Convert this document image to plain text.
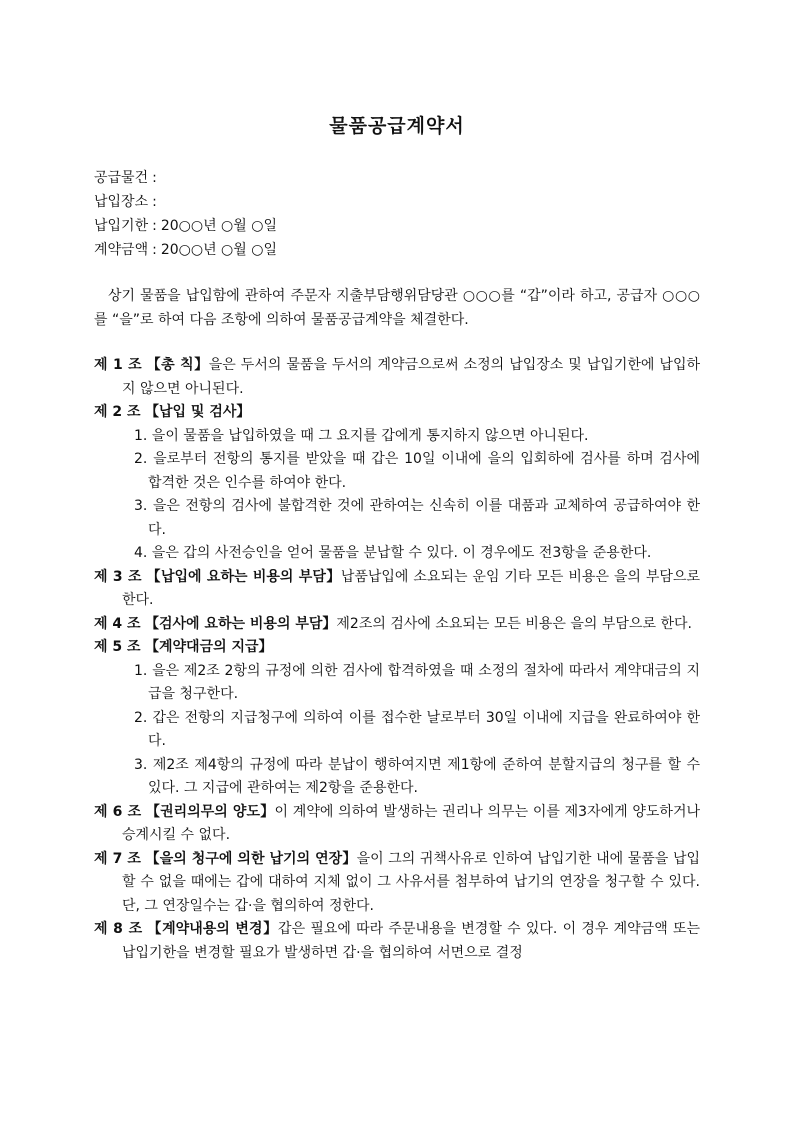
물품공급계약서
공급물건 :
납입장소 :
납입기한 : 20○○년 ○월 ○일
계약금액 : 20○○년 ○월 ○일
상기 물품을 납입함에 관하여 주문자 지출부담행위담당관 ○○○를 “갑”이라 하고, 공급자 ○○○를 “을”로 하여 다음 조항에 의하여 물품공급계약을 체결한다.
제 1 조 【총 칙】을은 두서의 물품을 두서의 계약금으로써 소정의 납입장소 및 납입기한에 납입하지 않으면 아니된다.
제 2 조 【납입 및 검사】
1. 을이 물품을 납입하였을 때 그 요지를 갑에게 통지하지 않으면 아니된다.
2. 을로부터 전항의 통지를 받았을 때 갑은 10일 이내에 을의 입회하에 검사를 하며 검사에 합격한 것은 인수를 하여야 한다.
3. 을은 전항의 검사에 불합격한 것에 관하여는 신속히 이를 대품과 교체하여 공급하여야 한다.
4. 을은 갑의 사전승인을 얻어 물품을 분납할 수 있다. 이 경우에도 전3항을 준용한다.
제 3 조 【납입에 요하는 비용의 부담】납품납입에 소요되는 운임 기타 모든 비용은 을의 부담으로 한다.
제 4 조 【검사에 요하는 비용의 부담】제2조의 검사에 소요되는 모든 비용은 을의 부담으로 한다.
제 5 조 【계약대금의 지급】
1. 을은 제2조 2항의 규정에 의한 검사에 합격하였을 때 소정의 절차에 따라서 계약대금의 지급을 청구한다.
2. 갑은 전항의 지급청구에 의하여 이를 접수한 날로부터 30일 이내에 지급을 완료하여야 한다.
3. 제2조 제4항의 규정에 따라 분납이 행하여지면 제1항에 준하여 분할지급의 청구를 할 수 있다. 그 지급에 관하여는 제2항을 준용한다.
제 6 조 【권리의무의 양도】이 계약에 의하여 발생하는 권리나 의무는 이를 제3자에게 양도하거나 승계시킬 수 없다.
제 7 조 【을의 청구에 의한 납기의 연장】을이 그의 귀책사유로 인하여 납입기한 내에 물품을 납입할 수 없을 때에는 갑에 대하여 지체 없이 그 사유서를 첨부하여 납기의 연장을 청구할 수 있다. 단, 그 연장일수는 갑·을 협의하여 정한다.
제 8 조 【계약내용의 변경】갑은 필요에 따라 주문내용을 변경할 수 있다. 이 경우 계약금액 또는 납입기한을 변경할 필요가 발생하면 갑·을 협의하여 서면으로 결정
